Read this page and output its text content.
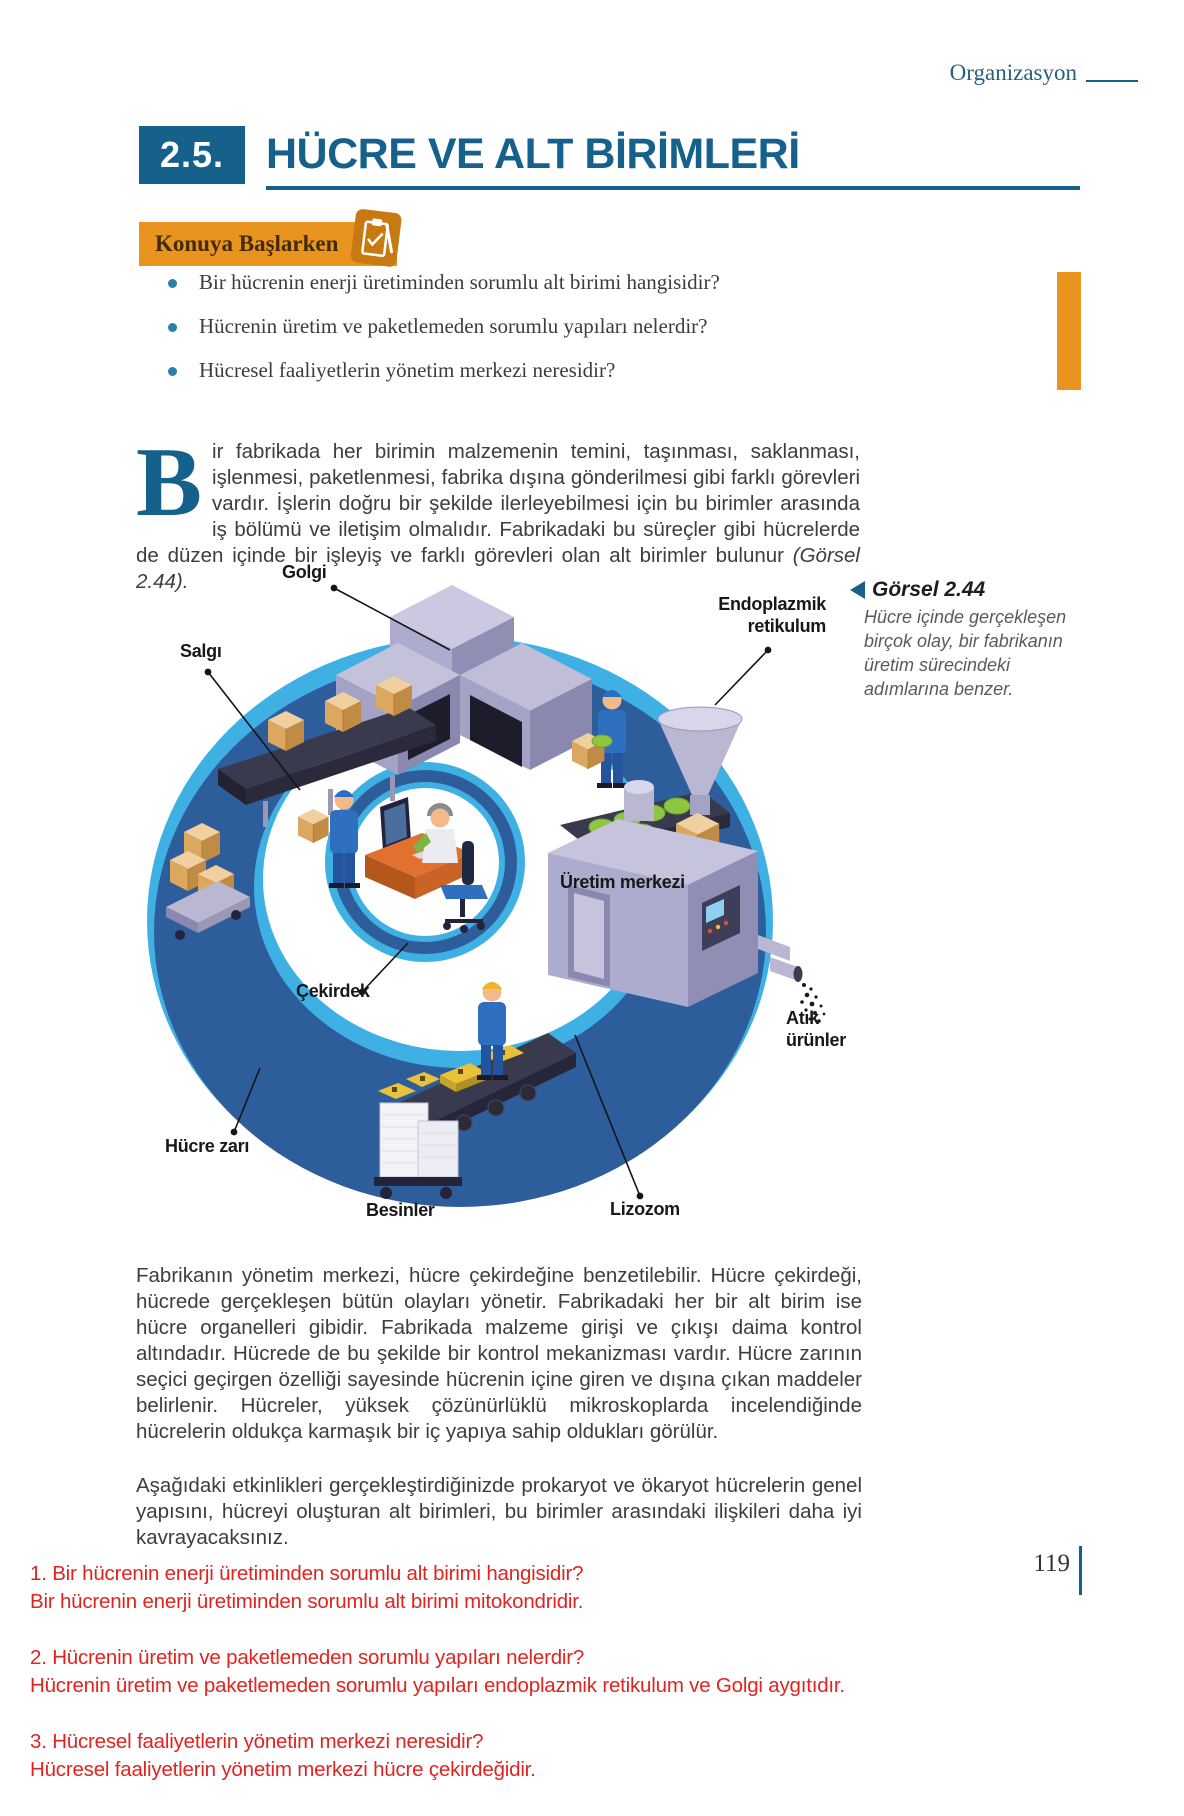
Organizasyon
2.5. HÜCRE VE ALT BİRİMLERİ
Konuya Başlarken
Bir hücrenin enerji üretiminden sorumlu alt birimi hangisidir?
Hücrenin üretim ve paketlemeden sorumlu yapıları nelerdir?
Hücresel faaliyetlerin yönetim merkezi neresidir?

Bir fabrikada her birimin malzemenin temini, taşınması, saklanması, işlenmesi, paketlenmesi, fabrika dışına gönderilmesi gibi farklı görevleri vardır. İşlerin doğru bir şekilde ilerleyebilmesi için bu birimler arasında iş bölümü ve iletişim olmalıdır. Fabrikadaki bu süreçler gibi hücrelerde de düzen içinde bir işleyiş ve farklı görevleri olan alt birimler bulunur (Görsel 2.44).	Golgi
Salgı
Endoplazmik retikulum
Üretim merkezi
Çekirdek
Atık ürünler
Hücre zarı
Besinler	Lizozom
Görsel 2.44
Hücre içinde gerçekleşen birçok olay, bir fabrikanın üretim sürecindeki adımlarına benzer.

Fabrikanın yönetim merkezi, hücre çekirdeğine benzetilebilir. Hücre çekirdeği, hücrede gerçekleşen bütün olayları yönetir. Fabrikadaki her bir alt birim ise hücre organelleri gibidir. Fabrikada malzeme girişi ve çıkışı daima kontrol altındadır. Hücrede de bu şekilde bir kontrol mekanizması vardır. Hücre zarının seçici geçirgen özelliği sayesinde hücrenin içine giren ve dışına çıkan maddeler belirlenir. Hücreler, yüksek çözünürlüklü mikroskoplarda incelendiğinde hücrelerin oldukça karmaşık bir iç yapıya sahip oldukları görülür.

Aşağıdaki etkinlikleri gerçekleştirdiğinizde prokaryot ve ökaryot hücrelerin genel yapısını, hücreyi oluşturan alt birimleri, bu birimler arasındaki ilişkileri daha iyi kavrayacaksınız.

119
1. Bir hücrenin enerji üretiminden sorumlu alt birimi hangisidir?
Bir hücrenin enerji üretiminden sorumlu alt birimi mitokondridir.
2. Hücrenin üretim ve paketlemeden sorumlu yapıları nelerdir?
Hücrenin üretim ve paketlemeden sorumlu yapıları endoplazmik retikulum ve Golgi aygıtıdır.
3. Hücresel faaliyetlerin yönetim merkezi neresidir?
Hücresel faaliyetlerin yönetim merkezi hücre çekirdeğidir.
